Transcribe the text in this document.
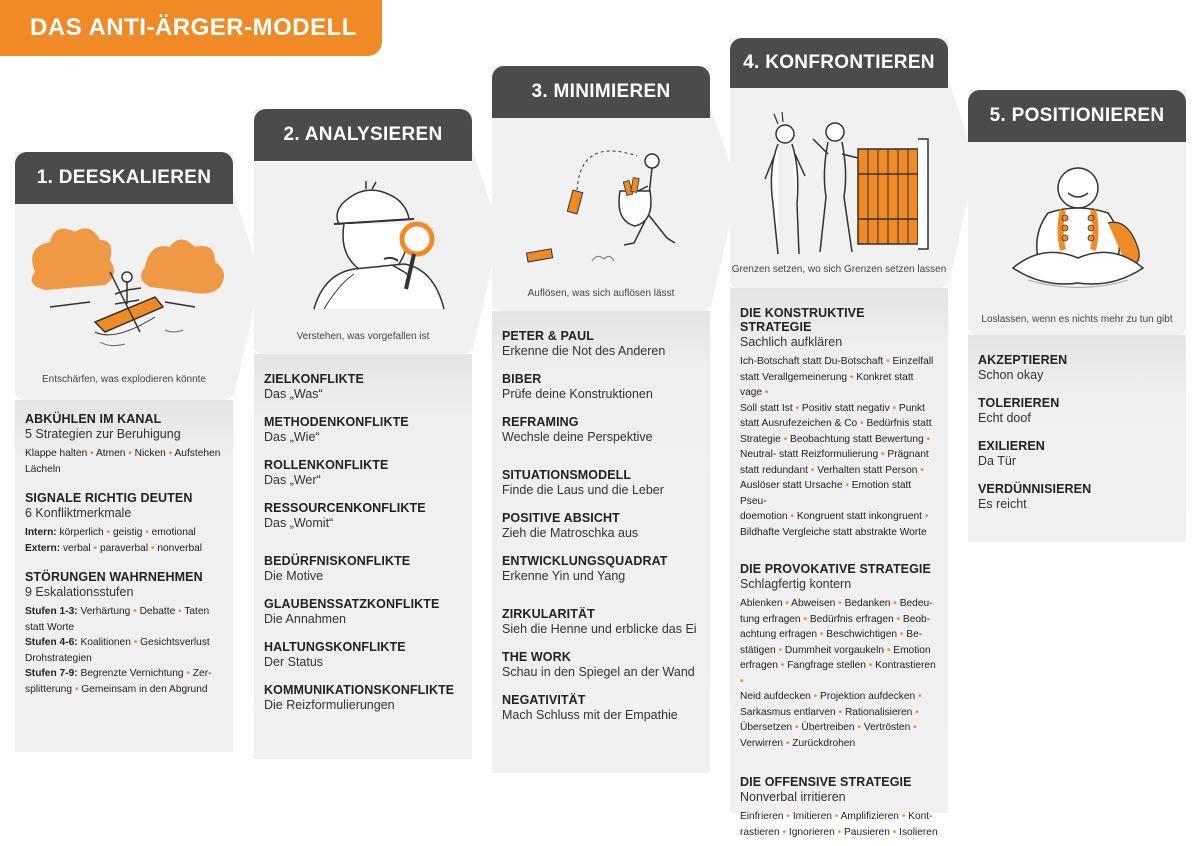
DAS ANTI-ÄRGER-MODELL
1. DEESKALIEREN
Entschärfen, was explodieren könnte
ABKÜHLEN IM KANAL
5 Strategien zur Beruhigung
Klappe halten • Atmen • Nicken • Aufstehen
Lächeln
SIGNALE RICHTIG DEUTEN
6 Konfliktmerkmale
Intern: körperlich • geistig • emotional
Extern: verbal • paraverbal • nonverbal
STÖRUNGEN WAHRNEHMEN
9 Eskalationsstufen
Stufen 1-3: Verhärtung • Debatte • Taten
statt Worte
Stufen 4-6: Koalitionen • Gesichtsverlust
Drohstrategien
Stufen 7-9: Begrenzte Vernichtung • Zer-
splitterung • Gemeinsam in den Abgrund
2. ANALYSIEREN
Verstehen, was vorgefallen ist
ZIELKONFLIKTE
Das „Was“
METHODENKONFLIKTE
Das „Wie“
ROLLENKONFLIKTE
Das „Wer“
RESSOURCENKONFLIKTE
Das „Womit“
BEDÜRFNISKONFLIKTE
Die Motive
GLAUBENSSATZKONFLIKTE
Die Annahmen
HALTUNGSKONFLIKTE
Der Status
KOMMUNIKATIONSKONFLIKTE
Die Reizformulierungen
3. MINIMIEREN
Auflösen, was sich auflösen lässt
PETER & PAUL
Erkenne die Not des Anderen
BIBER
Prüfe deine Konstruktionen
REFRAMING
Wechsle deine Perspektive
SITUATIONSMODELL
Finde die Laus und die Leber
POSITIVE ABSICHT
Zieh die Matroschka aus
ENTWICKLUNGSQUADRAT
Erkenne Yin und Yang
ZIRKULARITÄT
Sieh die Henne und erblicke das Ei
THE WORK
Schau in den Spiegel an der Wand
NEGATIVITÄT
Mach Schluss mit der Empathie
4. KONFRONTIEREN
Grenzen setzen, wo sich Grenzen setzen lassen
DIE KONSTRUKTIVE STRATEGIE
Sachlich aufklären
Ich-Botschaft statt Du-Botschaft • Einzelfall
statt Verallgemeinerung • Konkret statt vage •
Soll statt Ist • Positiv statt negativ • Punkt
statt Ausrufezeichen & Co • Bedürfnis statt
Strategie • Beobachtung statt Bewertung •
Neutral- statt Reizformulierung • Prägnant
statt redundant • Verhalten statt Person •
Auslöser statt Ursache • Emotion statt Pseu-
doemotion • Kongruent statt inkongruent •
Bildhafte Vergleiche statt abstrakte Worte
DIE PROVOKATIVE STRATEGIE
Schlagfertig kontern
Ablenken • Abweisen • Bedanken • Bedeu-
tung erfragen • Bedürfnis erfragen • Beob-
achtung erfragen • Beschwichtigen • Be-
stätigen • Dummheit vorgaukeln • Emotion
erfragen • Fangfrage stellen • Kontrastieren •
Neid aufdecken • Projektion aufdecken •
Sarkasmus entlarven • Rationalisieren •
Übersetzen • Übertreiben • Vertrösten •
Verwirren • Zurückdrohen
DIE OFFENSIVE STRATEGIE
Nonverbal irritieren
Einfrieren • Imitieren • Amplifizieren • Kont-
rastieren • Ignorieren • Pausieren • Isolieren
5. POSITIONIEREN
Loslassen, wenn es nichts mehr zu tun gibt
AKZEPTIEREN
Schon okay
TOLERIEREN
Echt doof
EXILIEREN
Da Tür
VERDÜNNISIEREN
Es reicht
